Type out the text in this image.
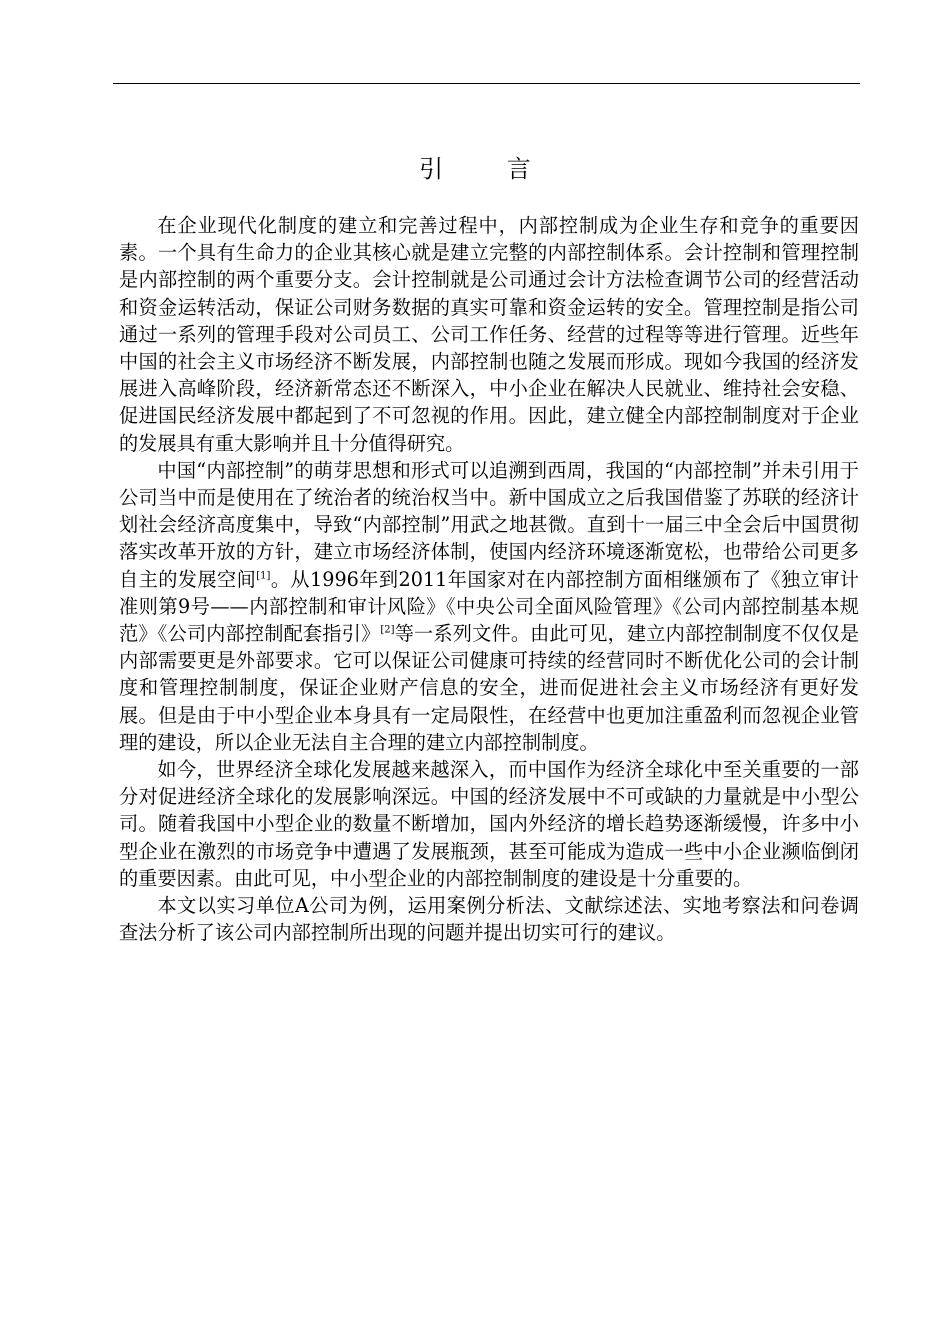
引 言

在企业现代化制度的建立和完善过程中，内部控制成为企业生存和竞争的重要因素。一个具有生命力的企业其核心就是建立完整的内部控制体系。会计控制和管理控制是内部控制的两个重要分支。会计控制就是公司通过会计方法检查调节公司的经营活动和资金运转活动，保证公司财务数据的真实可靠和资金运转的安全。管理控制是指公司通过一系列的管理手段对公司员工、公司工作任务、经营的过程等等进行管理。近些年中国的社会主义市场经济不断发展，内部控制也随之发展而形成。现如今我国的经济发展进入高峰阶段，经济新常态还不断深入，中小企业在解决人民就业、维持社会安稳、促进国民经济发展中都起到了不可忽视的作用。因此，建立健全内部控制制度对于企业的发展具有重大影响并且十分值得研究。

中国“内部控制”的萌芽思想和形式可以追溯到西周，我国的“内部控制”并未引用于公司当中而是使用在了统治者的统治权当中。新中国成立之后我国借鉴了苏联的经济计划社会经济高度集中，导致“内部控制”用武之地甚微。直到十一届三中全会后中国贯彻落实改革开放的方针，建立市场经济体制，使国内经济环境逐渐宽松，也带给公司更多自主的发展空间[1]。从1996年到2011年国家对在内部控制方面相继颁布了《独立审计准则第9号——内部控制和审计风险》《中央公司全面风险管理》《公司内部控制基本规范》《公司内部控制配套指引》[2]等一系列文件。由此可见，建立内部控制制度不仅仅是内部需要更是外部要求。它可以保证公司健康可持续的经营同时不断优化公司的会计制度和管理控制制度，保证企业财产信息的安全，进而促进社会主义市场经济有更好发展。但是由于中小型企业本身具有一定局限性，在经营中也更加注重盈利而忽视企业管理的建设，所以企业无法自主合理的建立内部控制制度。

如今，世界经济全球化发展越来越深入，而中国作为经济全球化中至关重要的一部分对促进经济全球化的发展影响深远。中国的经济发展中不可或缺的力量就是中小型公司。随着我国中小型企业的数量不断增加，国内外经济的增长趋势逐渐缓慢，许多中小型企业在激烈的市场竞争中遭遇了发展瓶颈，甚至可能成为造成一些中小企业濒临倒闭的重要因素。由此可见，中小型企业的内部控制制度的建设是十分重要的。

本文以实习单位A公司为例，运用案例分析法、文献综述法、实地考察法和问卷调查法分析了该公司内部控制所出现的问题并提出切实可行的建议。
